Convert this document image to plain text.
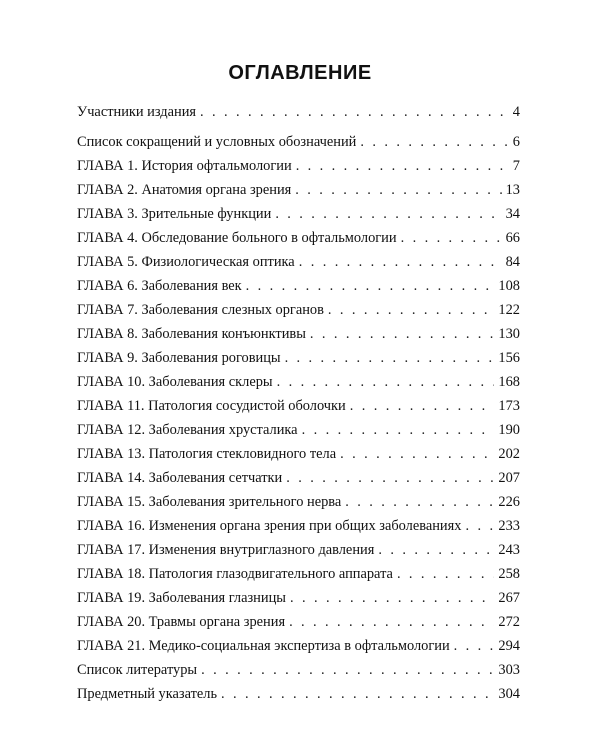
ОГЛАВЛЕНИЕ
Участники издания . . .	4
Список сокращений и условных обозначений . . .	6
ГЛАВА 1. История офтальмологии . . .	7
ГЛАВА 2. Анатомия органа зрения . . .	13
ГЛАВА 3. Зрительные функции . . .	34
ГЛАВА 4. Обследование больного в офтальмологии . . .	66
ГЛАВА 5. Физиологическая оптика . . .	84
ГЛАВА 6. Заболевания век . . .	108
ГЛАВА 7. Заболевания слезных органов . . .	122
ГЛАВА 8. Заболевания конъюнктивы . . .	130
ГЛАВА 9. Заболевания роговицы . . .	156
ГЛАВА 10. Заболевания склеры . . .	168
ГЛАВА 11. Патология сосудистой оболочки . . .	173
ГЛАВА 12. Заболевания хрусталика . . .	190
ГЛАВА 13. Патология стекловидного тела . . .	202
ГЛАВА 14. Заболевания сетчатки . . .	207
ГЛАВА 15. Заболевания зрительного нерва . . .	226
ГЛАВА 16. Изменения органа зрения при общих заболеваниях . . .	233
ГЛАВА 17. Изменения внутриглазного давления . . .	243
ГЛАВА 18. Патология глазодвигательного аппарата . . .	258
ГЛАВА 19. Заболевания глазницы . . .	267
ГЛАВА 20. Травмы органа зрения . . .	272
ГЛАВА 21. Медико-социальная экспертиза в офтальмологии . . .	294
Список литературы . . .	303
Предметный указатель . . .	304
